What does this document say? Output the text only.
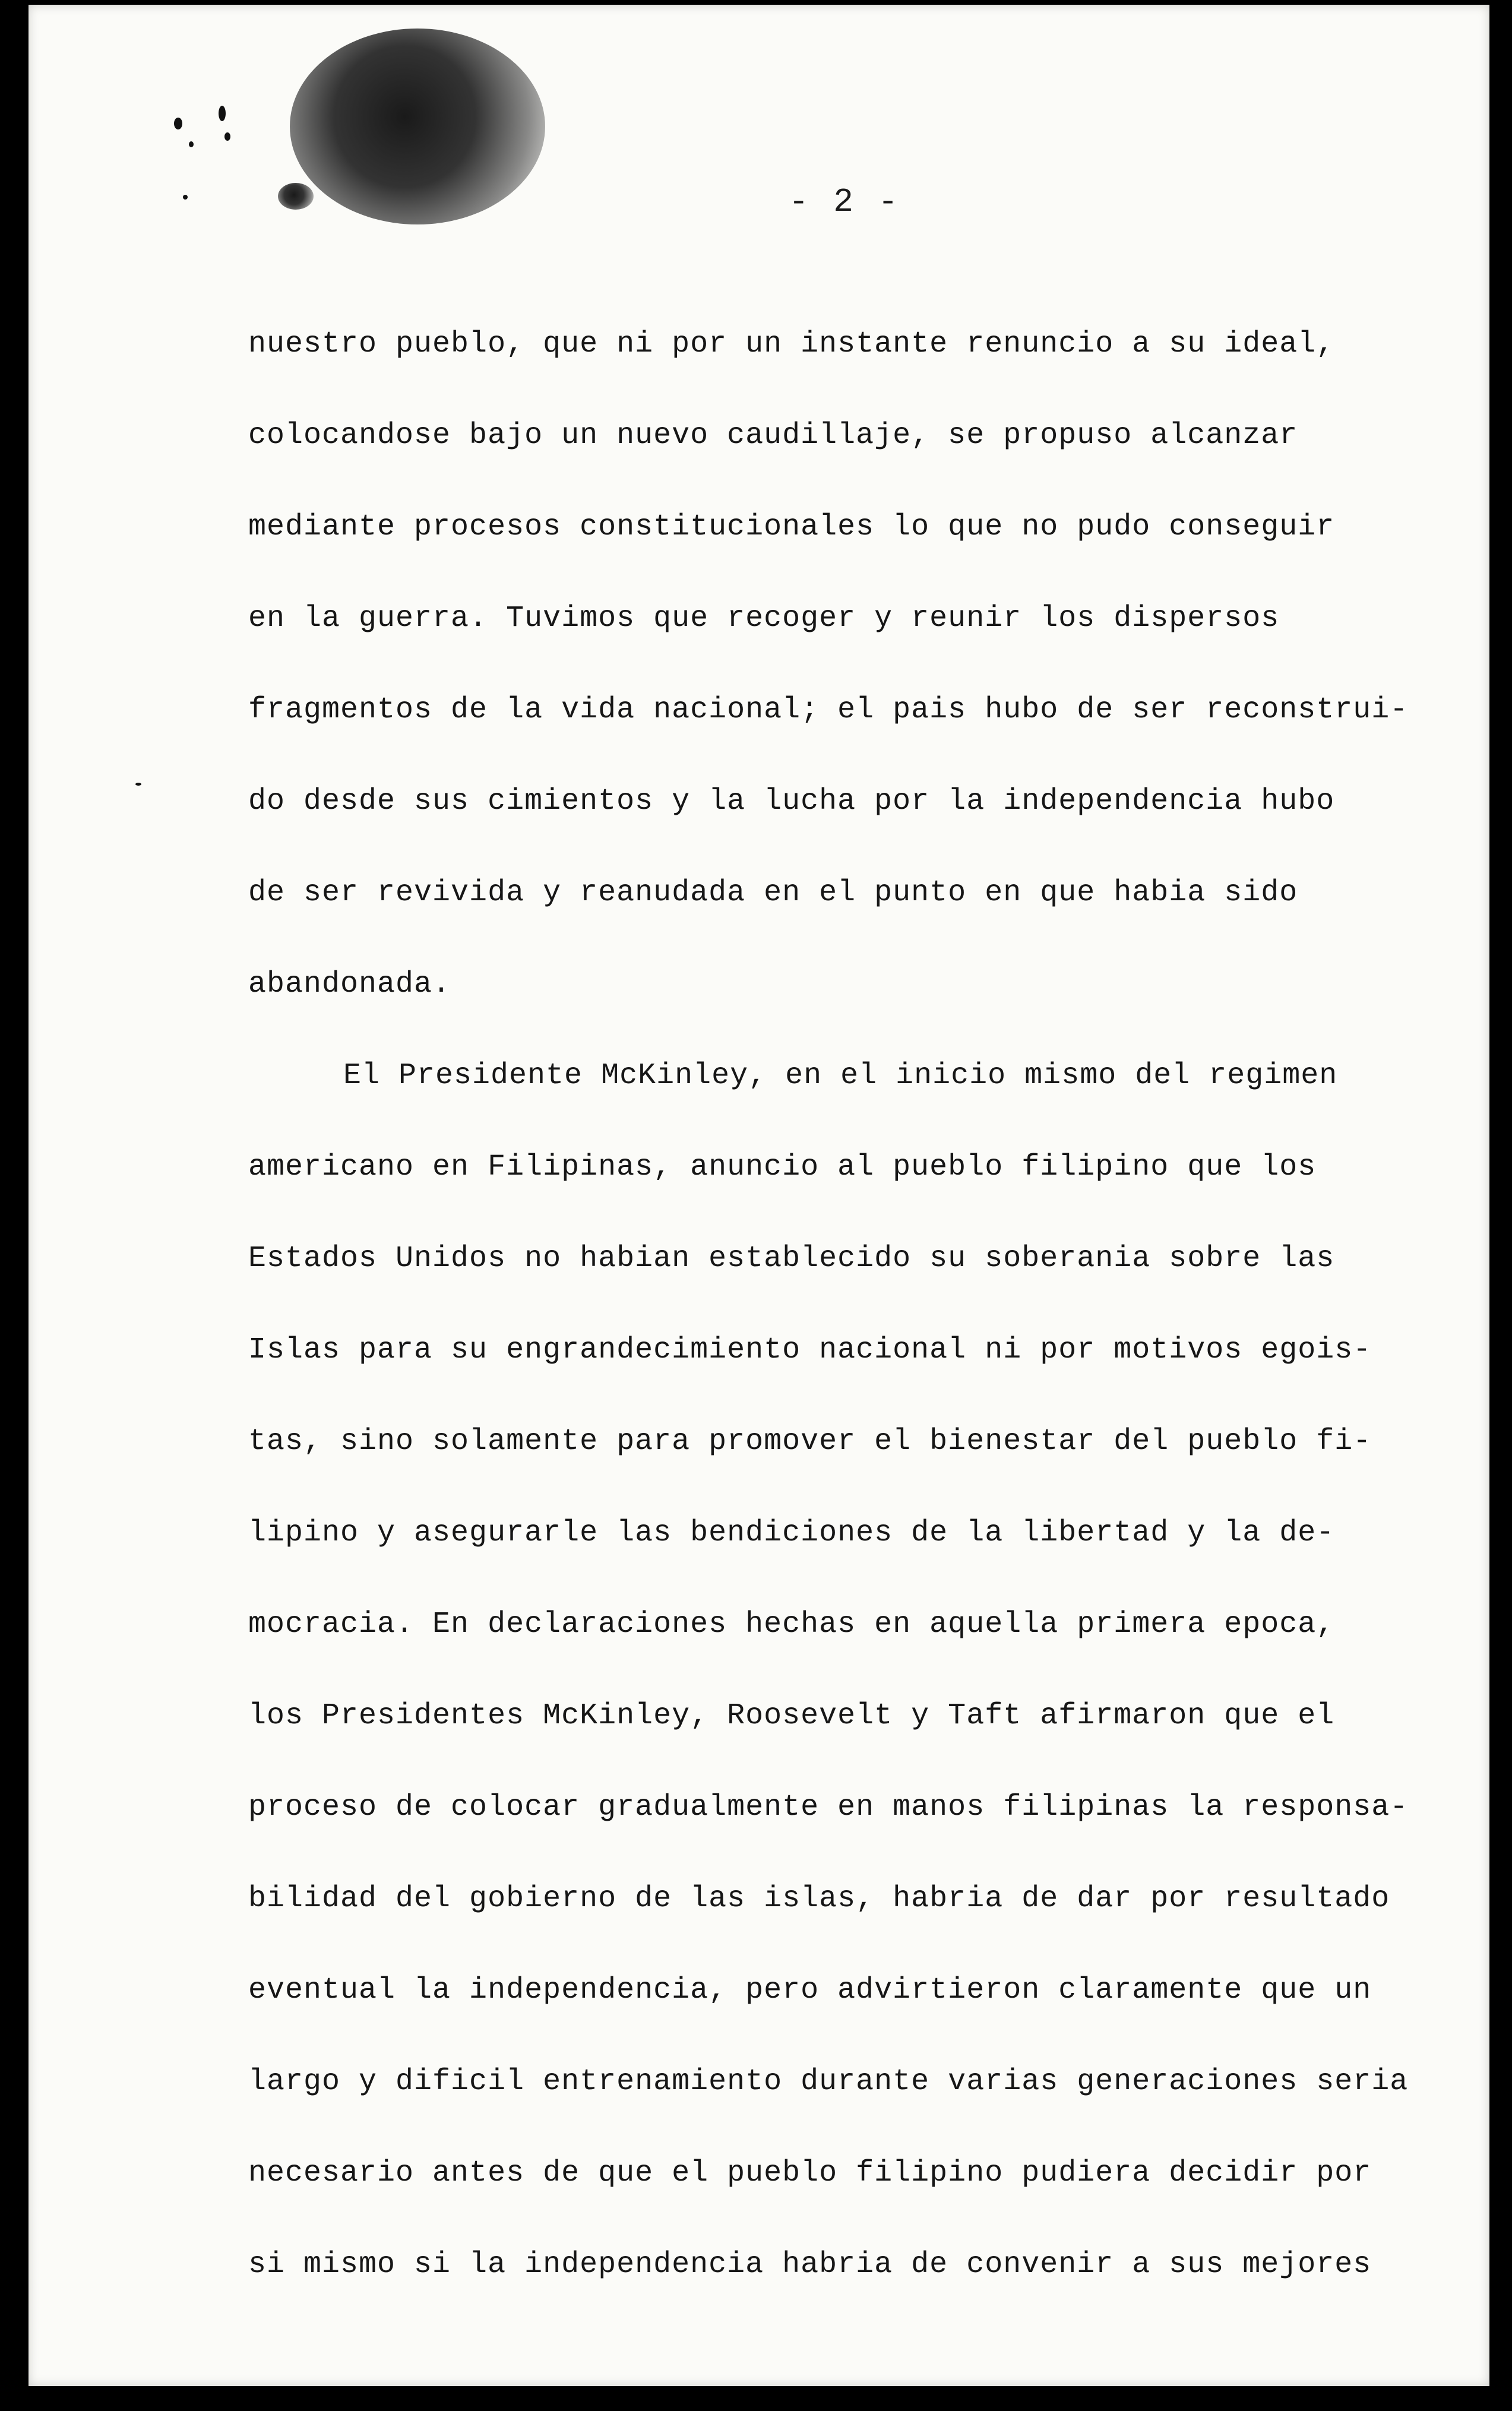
- 2 -
nuestro pueblo, que ni por un instante renuncio a su ideal,
colocandose bajo un nuevo caudillaje, se propuso alcanzar
mediante procesos constitucionales lo que no pudo conseguir
en la guerra. Tuvimos que recoger y reunir los dispersos
fragmentos de la vida nacional; el pais hubo de ser reconstrui-
do desde sus cimientos y la lucha por la independencia hubo
de ser revivida y reanudada en el punto en que habia sido
abandonada.
El Presidente McKinley, en el inicio mismo del regimen
americano en Filipinas, anuncio al pueblo filipino que los
Estados Unidos no habian establecido su soberania sobre las
Islas para su engrandecimiento nacional ni por motivos egois-
tas, sino solamente para promover el bienestar del pueblo fi-
lipino y asegurarle las bendiciones de la libertad y la de-
mocracia. En declaraciones hechas en aquella primera epoca,
los Presidentes McKinley, Roosevelt y Taft afirmaron que el
proceso de colocar gradualmente en manos filipinas la responsa-
bilidad del gobierno de las islas, habria de dar por resultado
eventual la independencia, pero advirtieron claramente que un
largo y dificil entrenamiento durante varias generaciones seria
necesario antes de que el pueblo filipino pudiera decidir por
si mismo si la independencia habria de convenir a sus mejores
